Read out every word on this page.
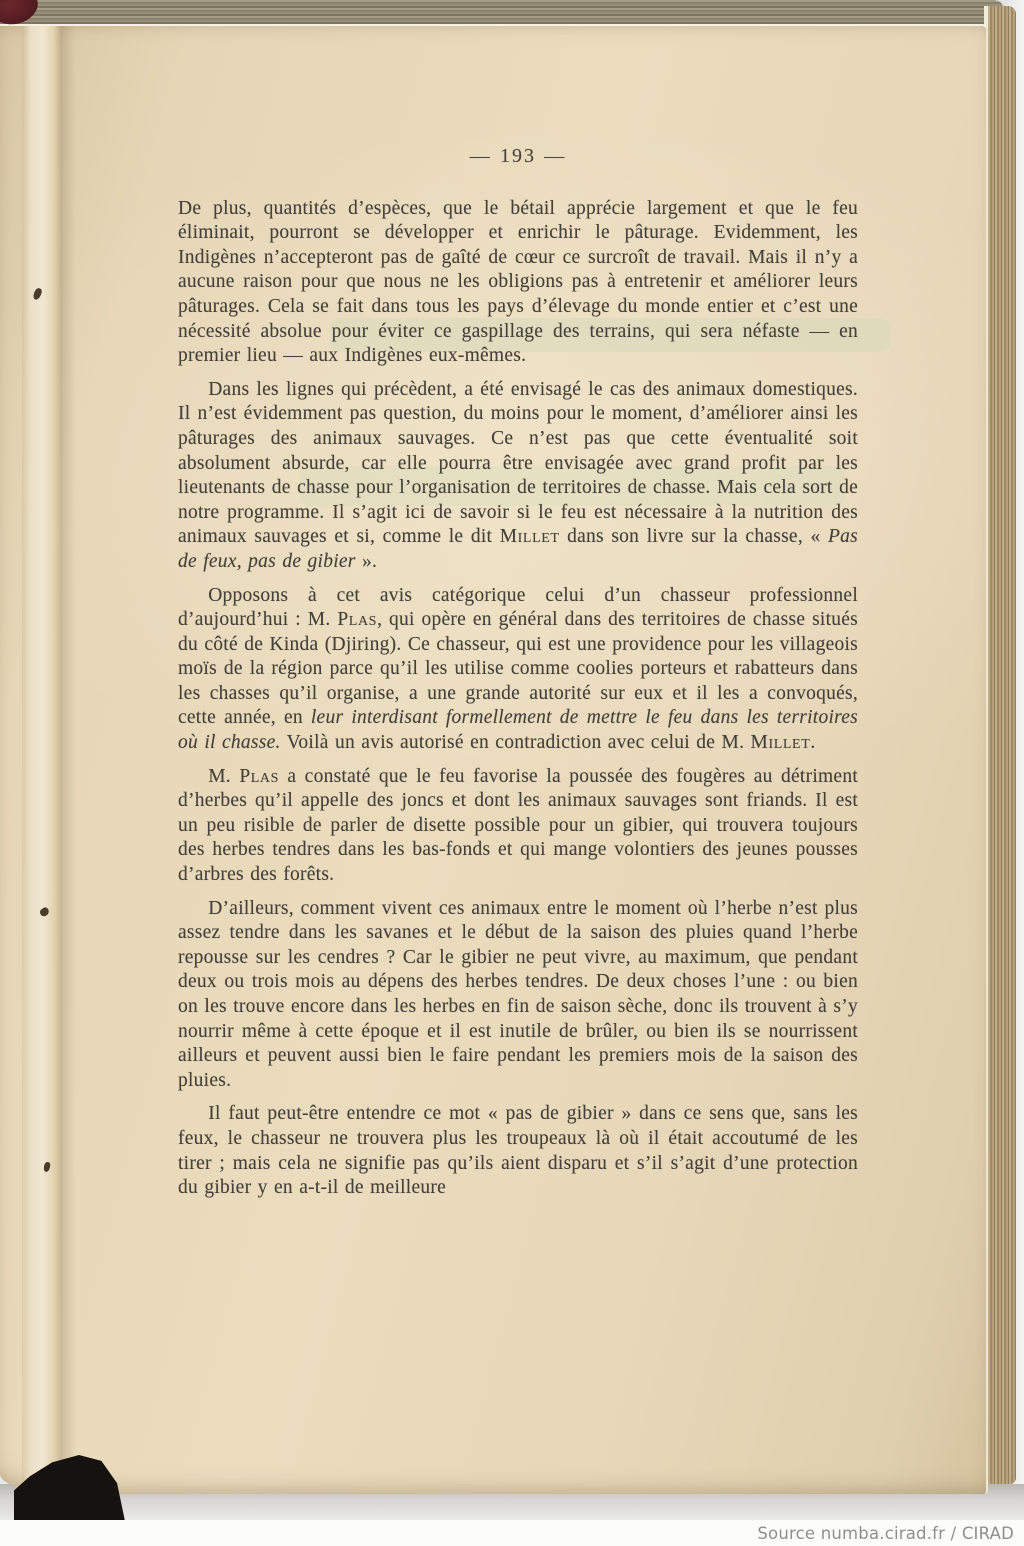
— 193 —

De plus, quantités d’espèces, que le bétail apprécie largement et que le feu éliminait, pourront se développer et enrichir le pâturage. Evidemment, les Indigènes n’accepteront pas de gaîté de cœur ce surcroît de travail. Mais il n’y a aucune raison pour que nous ne les obligions pas à entretenir et améliorer leurs pâturages. Cela se fait dans tous les pays d’élevage du monde entier et c’est une nécessité absolue pour éviter ce gaspillage des terrains, qui sera néfaste — en premier lieu — aux Indigènes eux-mêmes.

Dans les lignes qui précèdent, a été envisagé le cas des animaux domestiques. Il n’est évidemment pas question, du moins pour le moment, d’améliorer ainsi les pâturages des animaux sauvages. Ce n’est pas que cette éventualité soit absolument absurde, car elle pourra être envisagée avec grand profit par les lieutenants de chasse pour l’organisation de territoires de chasse. Mais cela sort de notre programme. Il s’agit ici de savoir si le feu est nécessaire à la nutrition des animaux sauvages et si, comme le dit Millet dans son livre sur la chasse, « Pas de feux, pas de gibier ».

Opposons à cet avis catégorique celui d’un chasseur professionnel d’aujourd’hui : M. Plas, qui opère en général dans des territoires de chasse situés du côté de Kinda (Djiring). Ce chasseur, qui est une providence pour les villageois moïs de la région parce qu’il les utilise comme coolies porteurs et rabatteurs dans les chasses qu’il organise, a une grande autorité sur eux et il les a convoqués, cette année, en leur interdisant formellement de mettre le feu dans les territoires où il chasse. Voilà un avis autorisé en contradiction avec celui de M. Millet.

M. Plas a constaté que le feu favorise la poussée des fougères au détriment d’herbes qu’il appelle des joncs et dont les animaux sauvages sont friands. Il est un peu risible de parler de disette possible pour un gibier, qui trouvera toujours des herbes tendres dans les bas-fonds et qui mange volontiers des jeunes pousses d’arbres des forêts.

D’ailleurs, comment vivent ces animaux entre le moment où l’herbe n’est plus assez tendre dans les savanes et le début de la saison des pluies quand l’herbe repousse sur les cendres ? Car le gibier ne peut vivre, au maximum, que pendant deux ou trois mois au dépens des herbes tendres. De deux choses l’une : ou bien on les trouve encore dans les herbes en fin de saison sèche, donc ils trouvent à s’y nourrir même à cette époque et il est inutile de brûler, ou bien ils se nourrissent ailleurs et peuvent aussi bien le faire pendant les premiers mois de la saison des pluies.

Il faut peut-être entendre ce mot « pas de gibier » dans ce sens que, sans les feux, le chasseur ne trouvera plus les troupeaux là où il était accoutumé de les tirer ; mais cela ne signifie pas qu’ils aient disparu et s’il s’agit d’une protection du gibier y en a-t-il de meilleure

Source numba.cirad.fr / CIRAD
